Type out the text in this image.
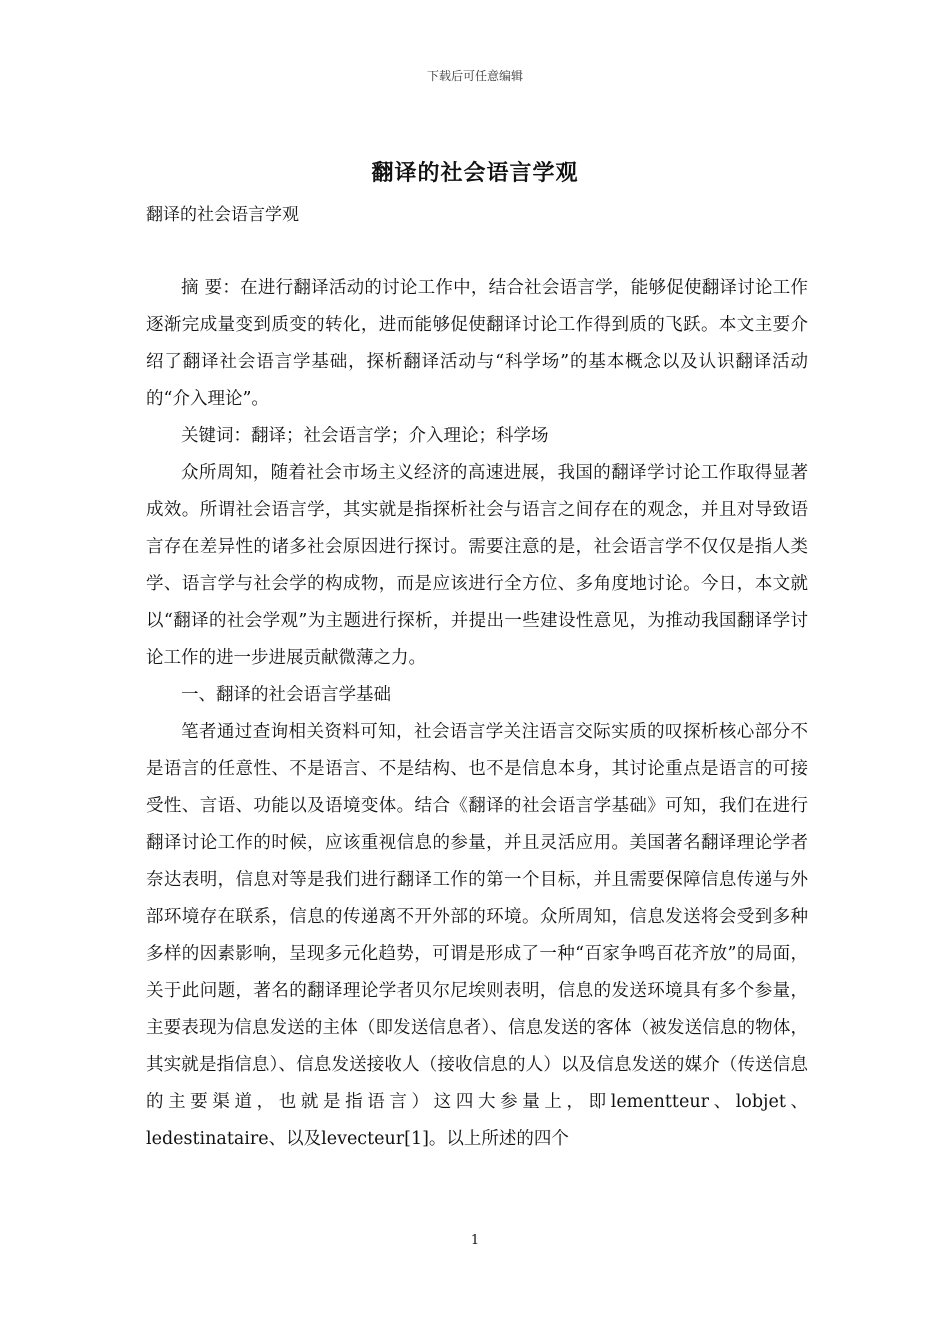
下载后可任意编辑
翻译的社会语言学观
翻译的社会语言学观

摘 要：在进行翻译活动的讨论工作中，结合社会语言学，能够促使翻译讨论工作逐渐完成量变到质变的转化，进而能够促使翻译讨论工作得到质的飞跃。本文主要介绍了翻译社会语言学基础，探析翻译活动与“科学场”的基本概念以及认识翻译活动的“介入理论”。

关键词：翻译；社会语言学；介入理论；科学场

众所周知，随着社会市场主义经济的高速进展，我国的翻译学讨论工作取得显著成效。所谓社会语言学，其实就是指探析社会与语言之间存在的观念，并且对导致语言存在差异性的诸多社会原因进行探讨。需要注意的是，社会语言学不仅仅是指人类学、语言学与社会学的构成物，而是应该进行全方位、多角度地讨论。今日，本文就以“翻译的社会学观”为主题进行探析，并提出一些建设性意见，为推动我国翻译学讨论工作的进一步进展贡献微薄之力。

一、翻译的社会语言学基础

笔者通过查询相关资料可知，社会语言学关注语言交际实质的叹探析核心部分不是语言的任意性、不是语言、不是结构、也不是信息本身，其讨论重点是语言的可接受性、言语、功能以及语境变体。结合《翻译的社会语言学基础》可知，我们在进行翻译讨论工作的时候，应该重视信息的参量，并且灵活应用。美国著名翻译理论学者奈达表明，信息对等是我们进行翻译工作的第一个目标，并且需要保障信息传递与外部环境存在联系，信息的传递离不开外部的环境。众所周知，信息发送将会受到多种多样的因素影响，呈现多元化趋势，可谓是形成了一种“百家争鸣百花齐放”的局面，关于此问题，著名的翻译理论学者贝尔尼埃则表明，信息的发送环境具有多个参量，主要表现为信息发送的主体（即发送信息者）、信息发送的客体（被发送信息的物体，其实就是指信息）、信息发送接收人（接收信息的人）以及信息发送的媒介（传送信息的主要渠道，也就是指语言）这四大参量上，即lementteur、lobjet、ledestinataire、以及levecteur[1]。以上所述的四个

1
